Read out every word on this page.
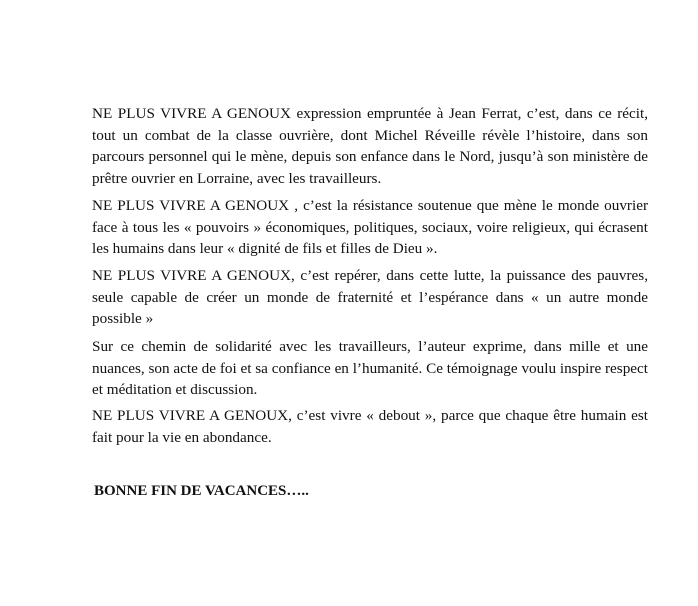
NE PLUS VIVRE A GENOUX expression empruntée à Jean Ferrat, c’est, dans ce récit, tout un combat de la classe ouvrière, dont Michel Réveille révèle l’histoire, dans son parcours personnel qui le mène, depuis son enfance dans le Nord, jusqu’à son ministère de prêtre ouvrier en Lorraine, avec les travailleurs.

NE PLUS VIVRE A GENOUX , c’est la résistance soutenue que mène le monde ouvrier face à tous les « pouvoirs » économiques, politiques, sociaux, voire religieux, qui écrasent les humains dans leur « dignité de fils et filles de Dieu ».

NE PLUS VIVRE A GENOUX, c’est repérer, dans cette lutte, la puissance des pauvres, seule capable de créer un monde de fraternité et l’espérance dans « un autre monde possible »

Sur ce chemin de solidarité avec les travailleurs, l’auteur exprime, dans mille et une nuances, son acte de foi et sa confiance en l’humanité. Ce témoignage voulu inspire respect et méditation et discussion.

NE PLUS VIVRE A GENOUX, c’est vivre « debout », parce que chaque être humain est fait pour la vie en abondance.

BONNE FIN DE VACANCES…..
